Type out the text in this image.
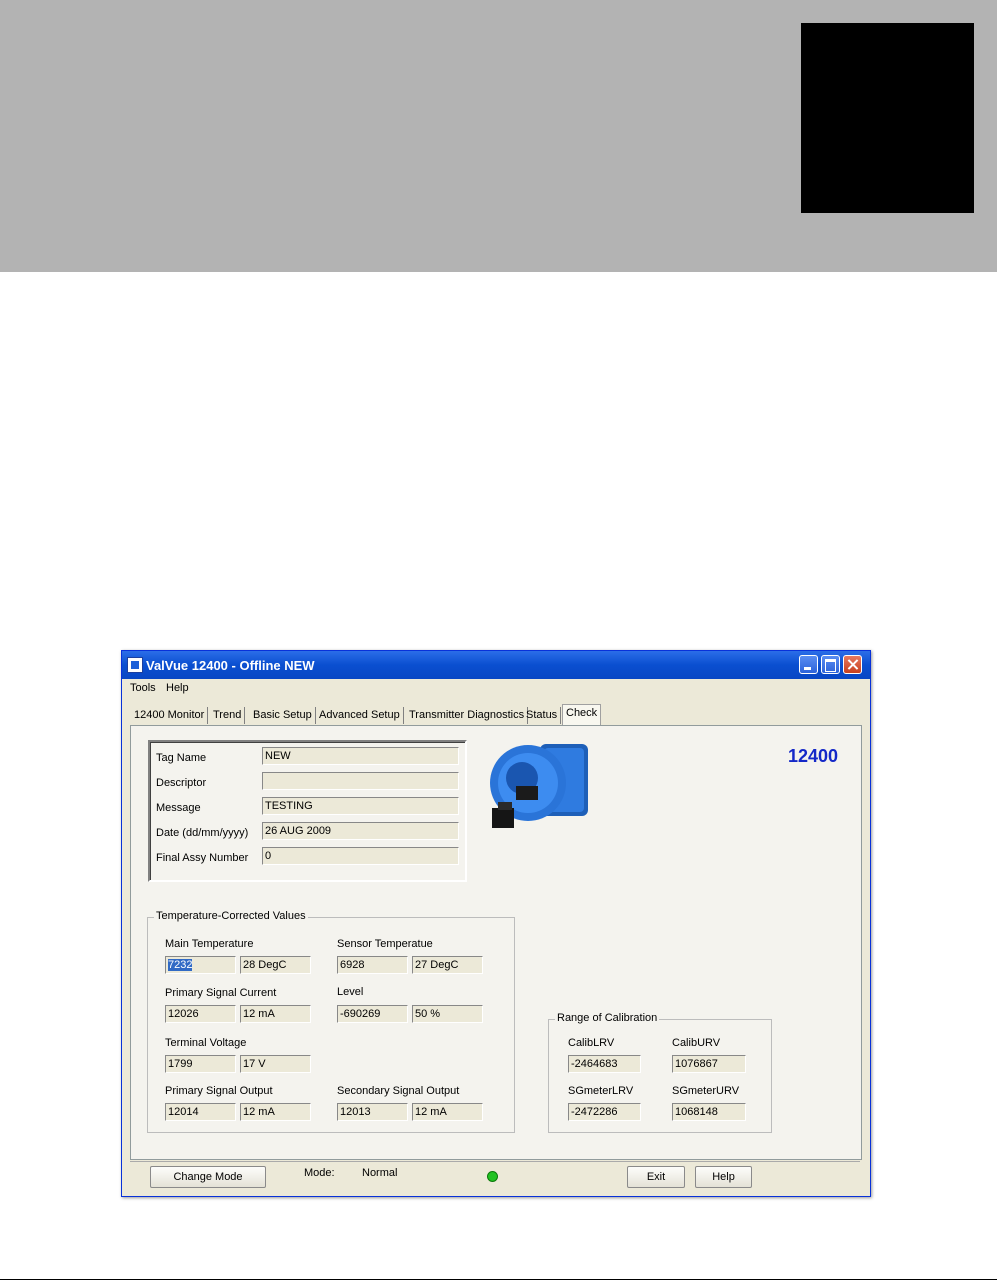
ValVue 12400 - Offline NEW
Tools Help
12400 Monitor Trend	Basic Setup Advanced Setup Transmitter Diagnostics Status Check
Tag Name	NEW
Descriptor
Message	TESTING
Date (dd/mm/yyyy) 26 AUG 2009
Final Assy Number 0
12400
Temperature-Corrected Values
Main Temperature
7232	28 DegC
Sensor Temperatue
6928	27 DegC
Primary Signal Current
12026	12 mA
Level
-690269	50 %
Terminal Voltage
1799	17 V
Primary Signal Output
12014	12 mA
Secondary Signal Output
12013	12 mA
Range of Calibration
CalibLRV
-2464683
CalibURV
1076867
SGmeterLRV
-2472286
SGmeterURV
1068148
Change Mode	Mode: Normal	Exit	Help
